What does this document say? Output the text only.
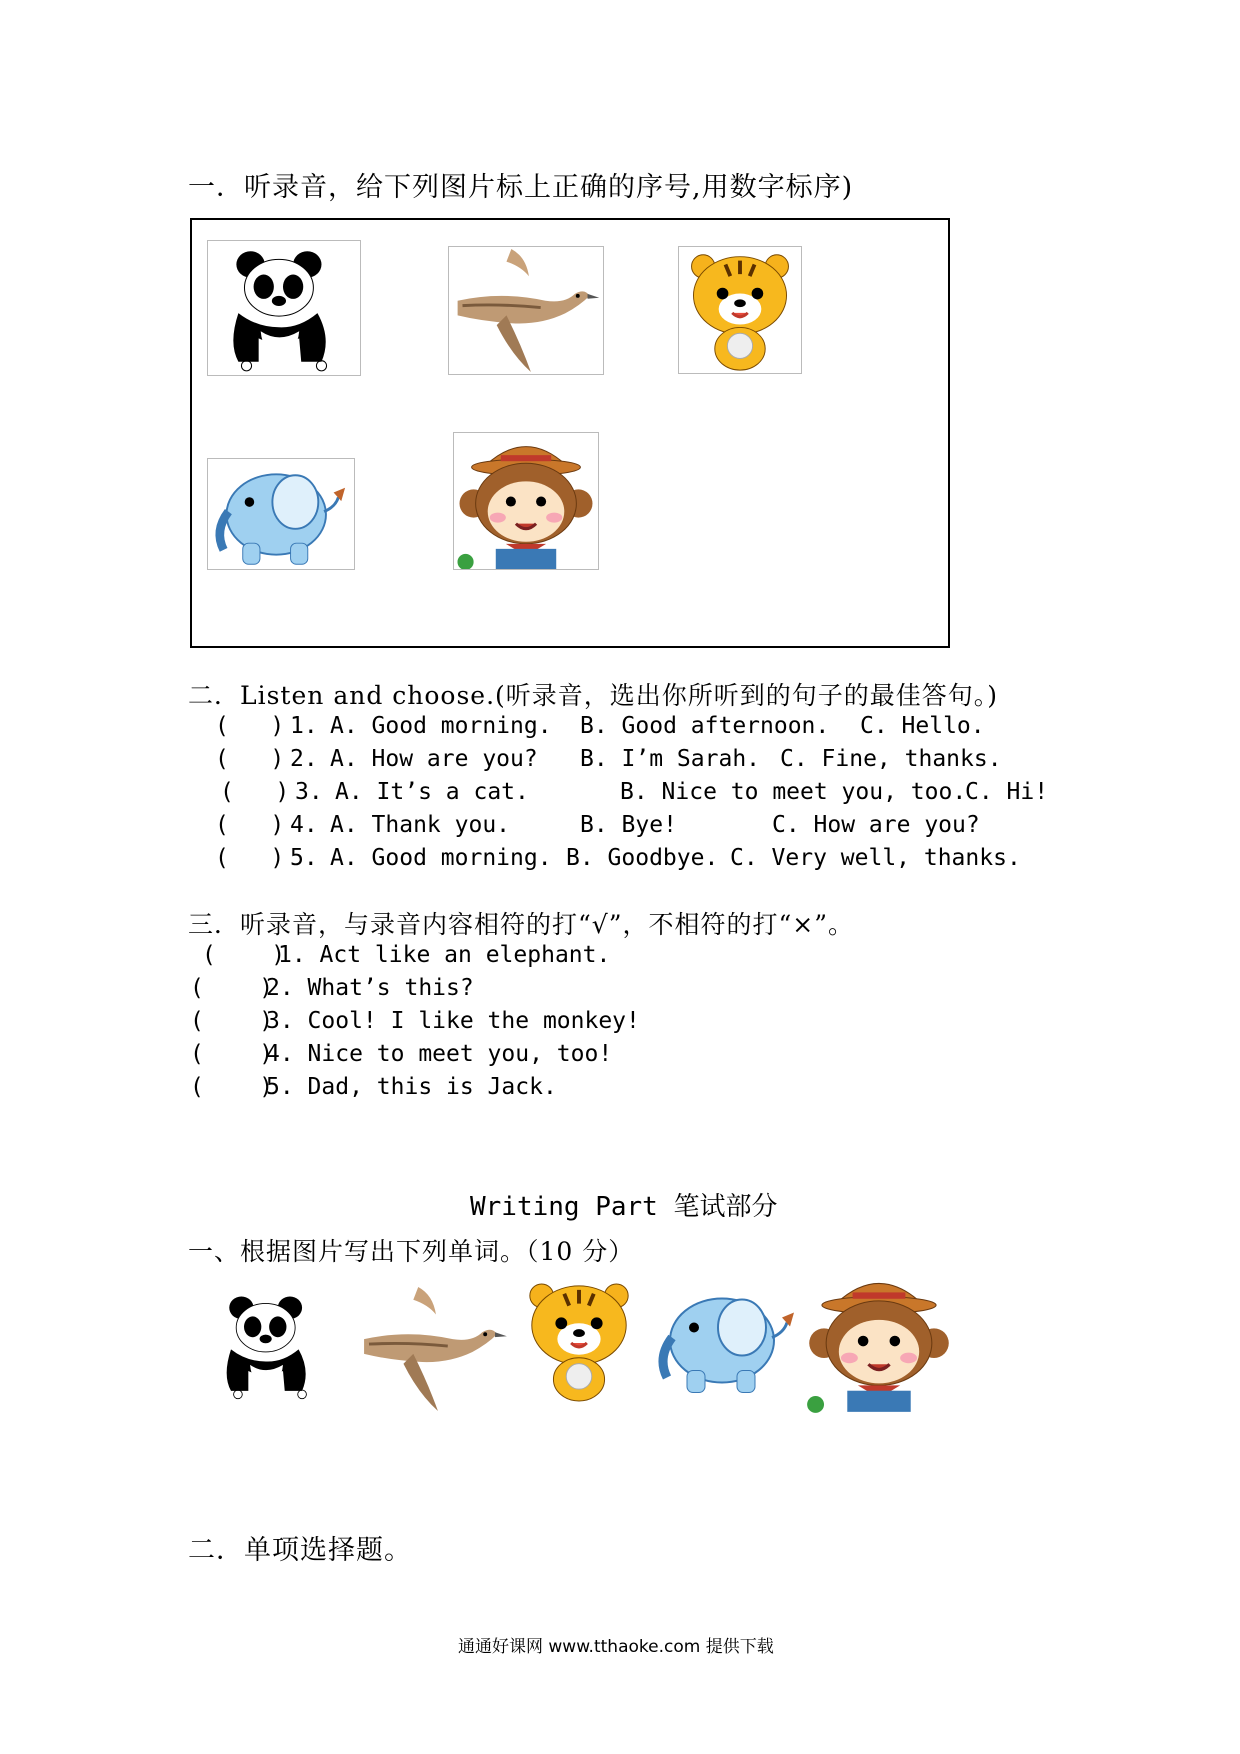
一．听录音，给下列图片标上正确的序号,用数字标序)
二．Listen and choose.(听录音，选出你所听到的句子的最佳答句。)
(   ) 1. A. Good morning. B. Good afternoon. C. Hello.
(   ) 2. A. How are you? B. I’m Sarah. C. Fine, thanks.
(   ) 3. A. It’s a cat.	B. Nice to meet you, too.
C. Hi!
(   ) 4. A. Thank you.	B. Bye!	C. How are you?
(   ) 5. A. Good morning. B. Goodbye. C. Very well, thanks.
三．听录音，与录音内容相符的打“√”，不相符的打“×”。
(    )
1. Act like an elephant.
(    )
2. What’s this?
(    )
3. Cool! I like the monkey!
(    )
4. Nice to meet you, too!
(    )
5. Dad, this is Jack.
Writing Part 笔试部分
一、根据图片写出下列单词。（10 分）
二．单项选择题。
通通好课网 www.tthaoke.com 提供下载
